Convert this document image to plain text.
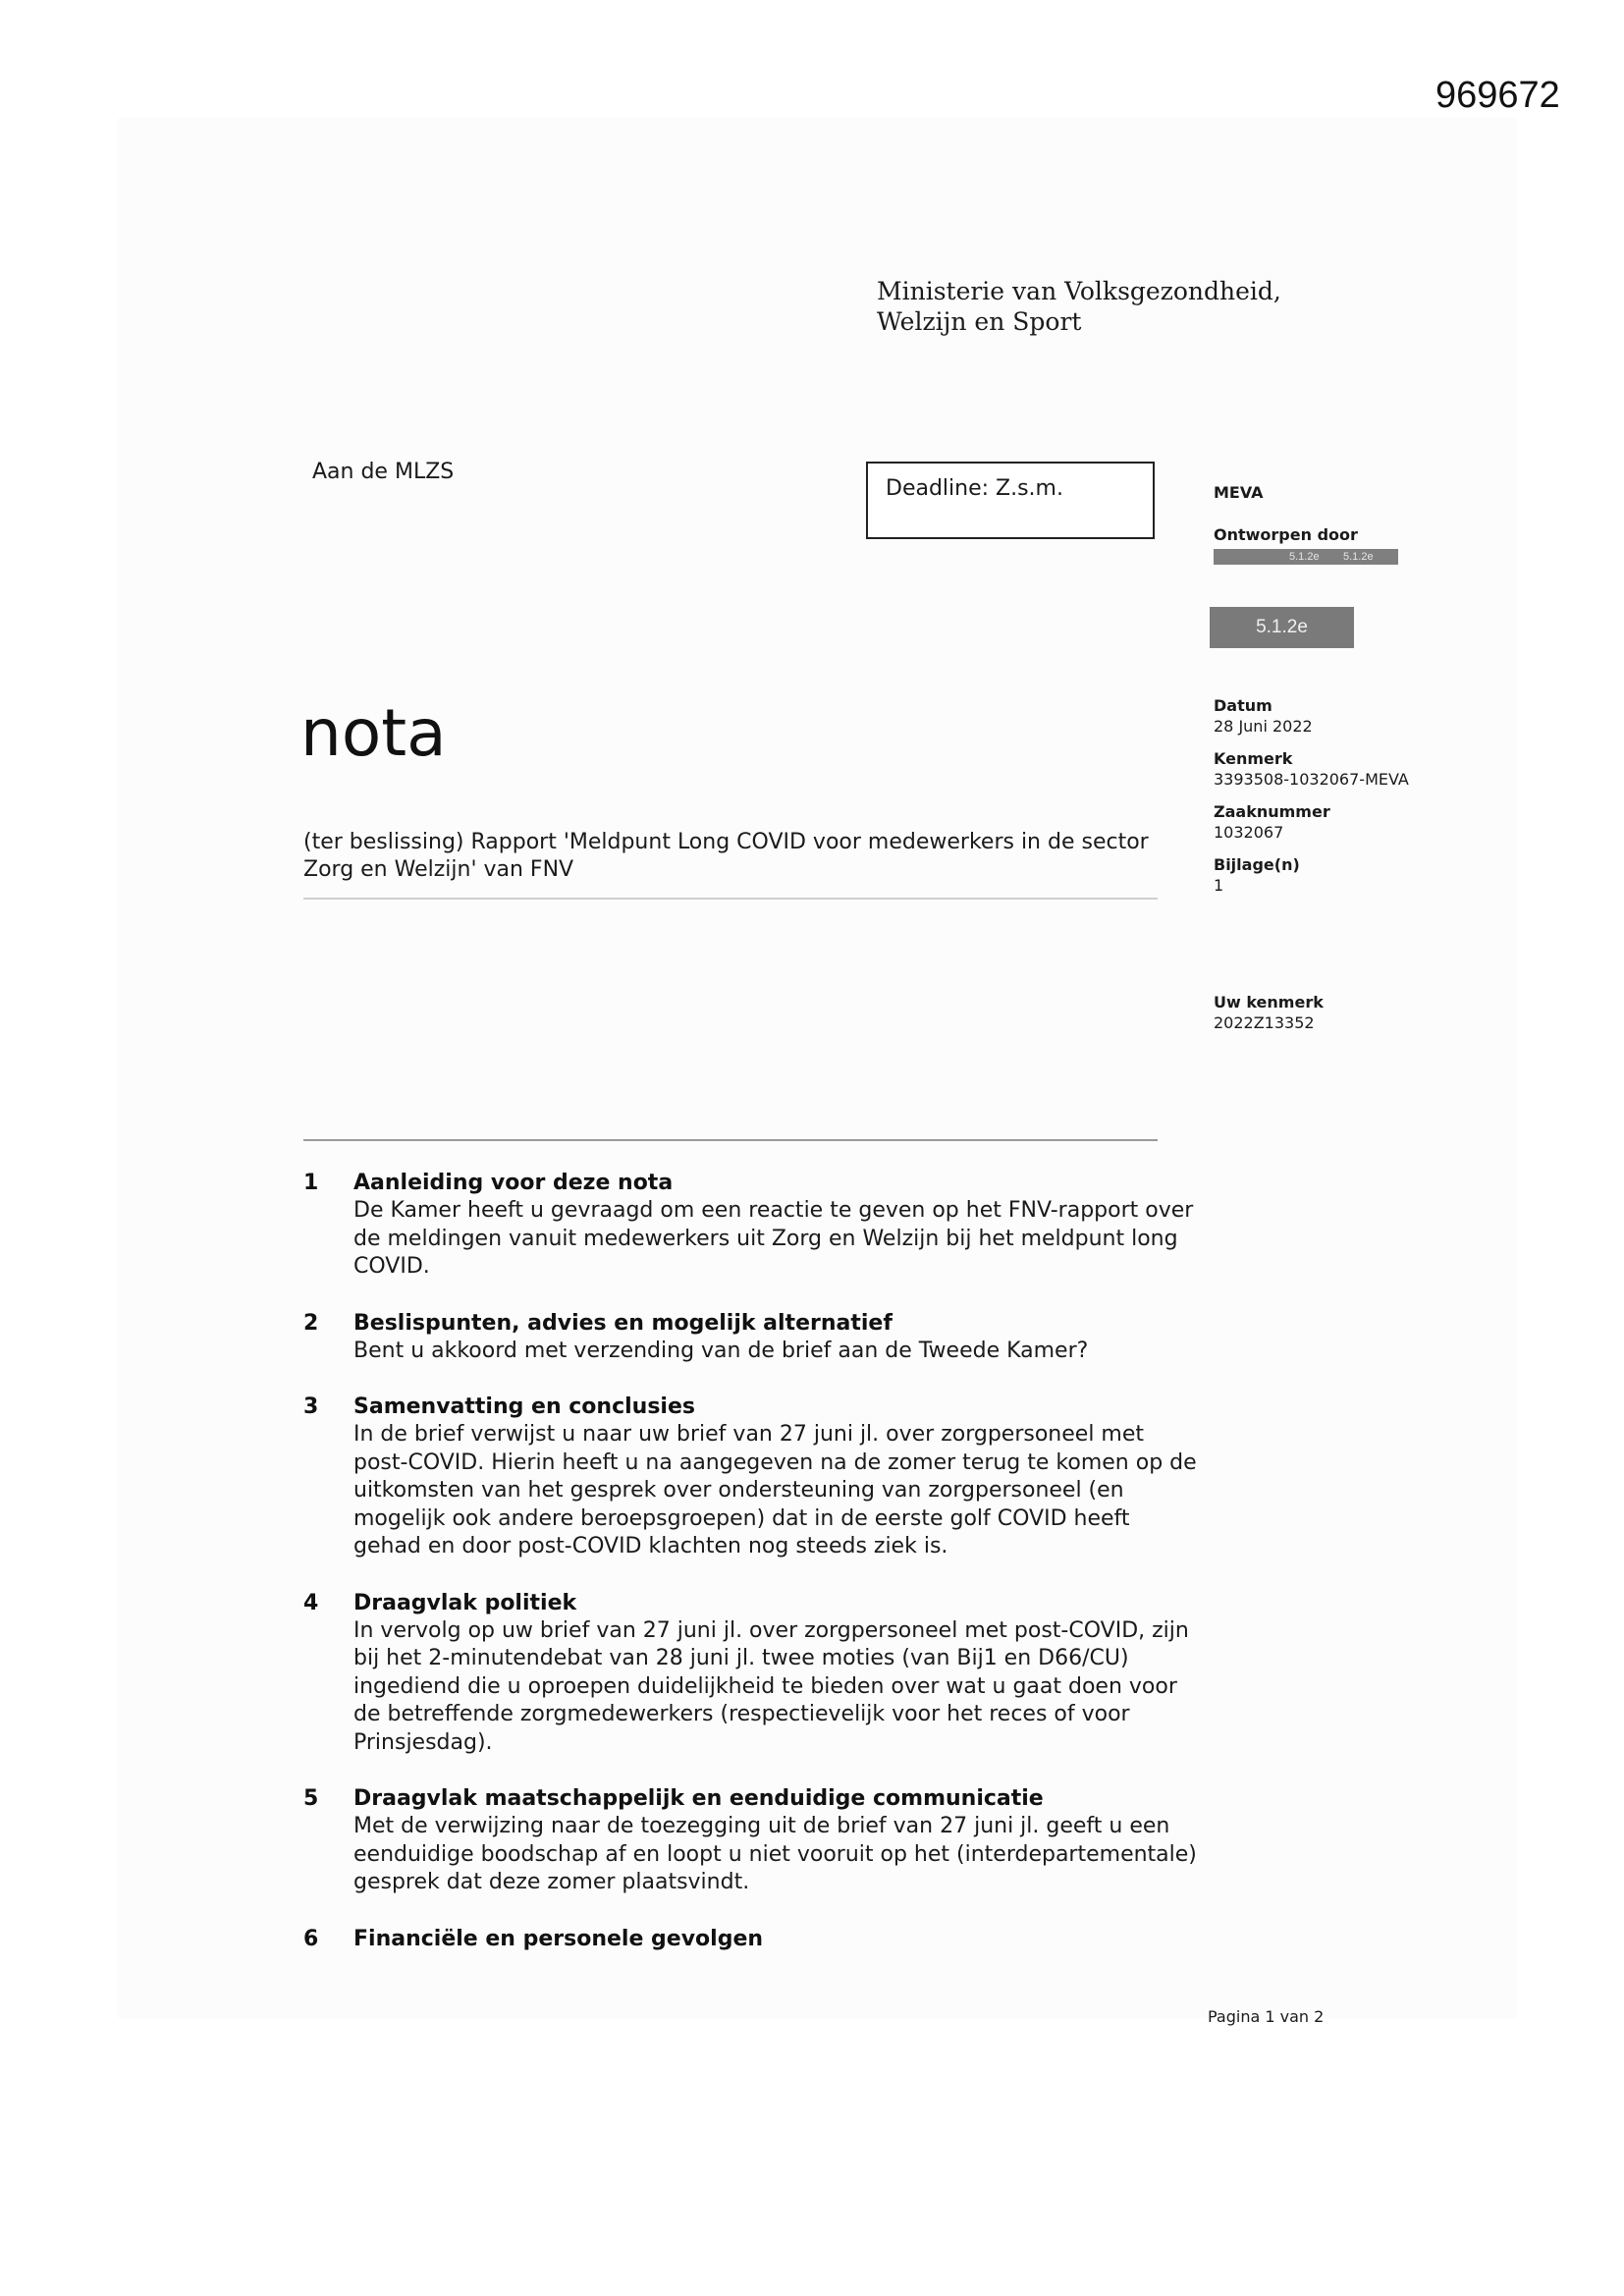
969672
Ministerie van Volksgezondheid,
Welzijn en Sport
Aan de MLZS
Deadline: Z.s.m.	MEVA
Ontworpen door
5.1.2e 5.1.2e
5.1.2e
Datum
28 Juni 2022
Kenmerk
3393508-1032067-MEVA
Zaaknummer
1032067
Bijlage(n)
1
Uw kenmerk
2022Z13352
nota
(ter beslissing) Rapport 'Meldpunt Long COVID voor medewerkers in de sector
Zorg en Welzijn' van FNV
1 Aanleiding voor deze nota
De Kamer heeft u gevraagd om een reactie te geven op het FNV-rapport over
de meldingen vanuit medewerkers uit Zorg en Welzijn bij het meldpunt long
COVID.
2 Beslispunten, advies en mogelijk alternatief
Bent u akkoord met verzending van de brief aan de Tweede Kamer?
3 Samenvatting en conclusies
In de brief verwijst u naar uw brief van 27 juni jl. over zorgpersoneel met
post-COVID. Hierin heeft u na aangegeven na de zomer terug te komen op de
uitkomsten van het gesprek over ondersteuning van zorgpersoneel (en
mogelijk ook andere beroepsgroepen) dat in de eerste golf COVID heeft
gehad en door post-COVID klachten nog steeds ziek is.
4 Draagvlak politiek
In vervolg op uw brief van 27 juni jl. over zorgpersoneel met post-COVID, zijn
bij het 2-minutendebat van 28 juni jl. twee moties (van Bij1 en D66/CU)
ingediend die u oproepen duidelijkheid te bieden over wat u gaat doen voor
de betreffende zorgmedewerkers (respectievelijk voor het reces of voor
Prinsjesdag).
5 Draagvlak maatschappelijk en eenduidige communicatie
Met de verwijzing naar de toezegging uit de brief van 27 juni jl. geeft u een
eenduidige boodschap af en loopt u niet vooruit op het (interdepartementale)
gesprek dat deze zomer plaatsvindt.
6 Financiële en personele gevolgen
Pagina 1 van 2
